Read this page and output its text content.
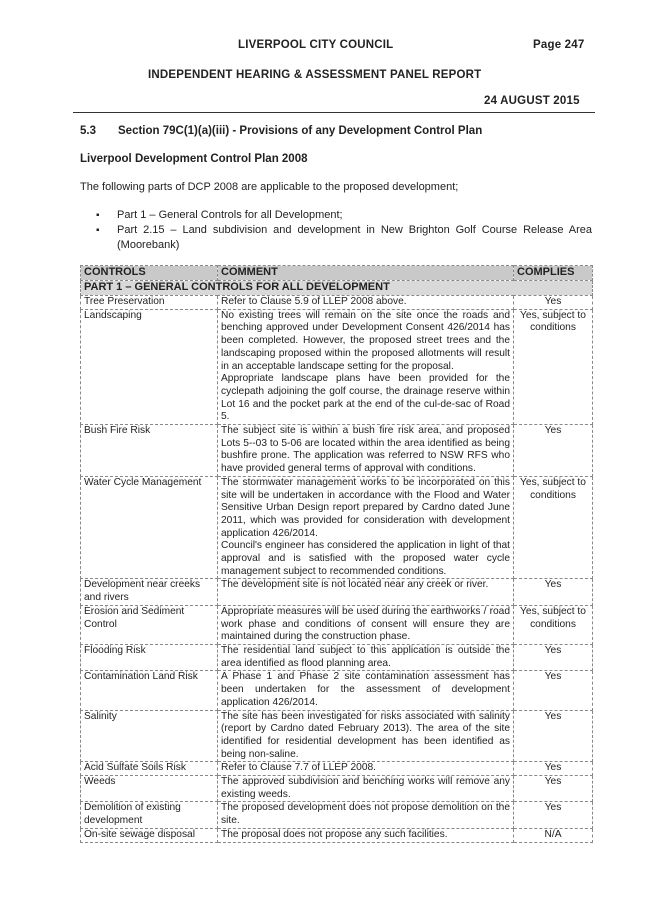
LIVERPOOL CITY COUNCIL	Page 247
INDEPENDENT HEARING & ASSESSMENT PANEL REPORT
24 AUGUST 2015
5.3 Section 79C(1)(a)(iii) - Provisions of any Development Control Plan
Liverpool Development Control Plan 2008
The following parts of DCP 2008 are applicable to the proposed development;
▪ Part 1 – General Controls for all Development;
▪ Part 2.15 – Land subdivision and development in New Brighton Golf Course Release Area (Moorebank)
CONTROLS	COMMENT	COMPLIES
PART 1 – GENERAL CONTROLS FOR ALL DEVELOPMENT		
Tree Preservation	Refer to Clause 5.9 of LLEP 2008 above.	Yes
Landscaping	No existing trees will remain on the site once the roads and benching approved under Development Consent 426/2014 has been completed. However, the proposed street trees and the landscaping proposed within the proposed allotments will result in an acceptable landscape setting for the proposal.
Appropriate landscape plans have been provided for the cyclepath adjoining the golf course, the drainage reserve within Lot 16 and the pocket park at the end of the cul-de-sac of Road 5.	Yes, subject to conditions
Bush Fire Risk	The subject site is within a bush fire risk area, and proposed Lots 5-‐03 to 5-06 are located within the area identified as being bushfire prone. The application was referred to NSW RFS who have provided general terms of approval with conditions.	Yes
Water Cycle Management	The stormwater management works to be incorporated on this site will be undertaken in accordance with the Flood and Water Sensitive Urban Design report prepared by Cardno dated June 2011, which was provided for consideration with development application 426/2014.
Council's engineer has considered the application in light of that approval and is satisfied with the proposed water cycle management subject to recommended conditions.	Yes, subject to conditions
Development near creeks and rivers	The development site is not located near any creek or river.	Yes
Erosion and Sediment Control	Appropriate measures will be used during the earthworks / road work phase and conditions of consent will ensure they are maintained during the construction phase.	Yes, subject to conditions
Flooding Risk	The residential land subject to this application is outside the area identified as flood planning area.	Yes
Contamination Land Risk	A Phase 1 and Phase 2 site contamination assessment has been undertaken for the assessment of development application 426/2014.	Yes
Salinity	The site has been investigated for risks associated with salinity (report by Cardno dated February 2013). The area of the site identified for residential development has been identified as being non-saline.	Yes
Acid Sulfate Soils Risk	Refer to Clause 7.7 of LLEP 2008.	Yes
Weeds	The approved subdivision and benching works will remove any existing weeds.	Yes
Demolition of existing development	The proposed development does not propose demolition on the site.	Yes
On-site sewage disposal	The proposal does not propose any such facilities.	N/A
